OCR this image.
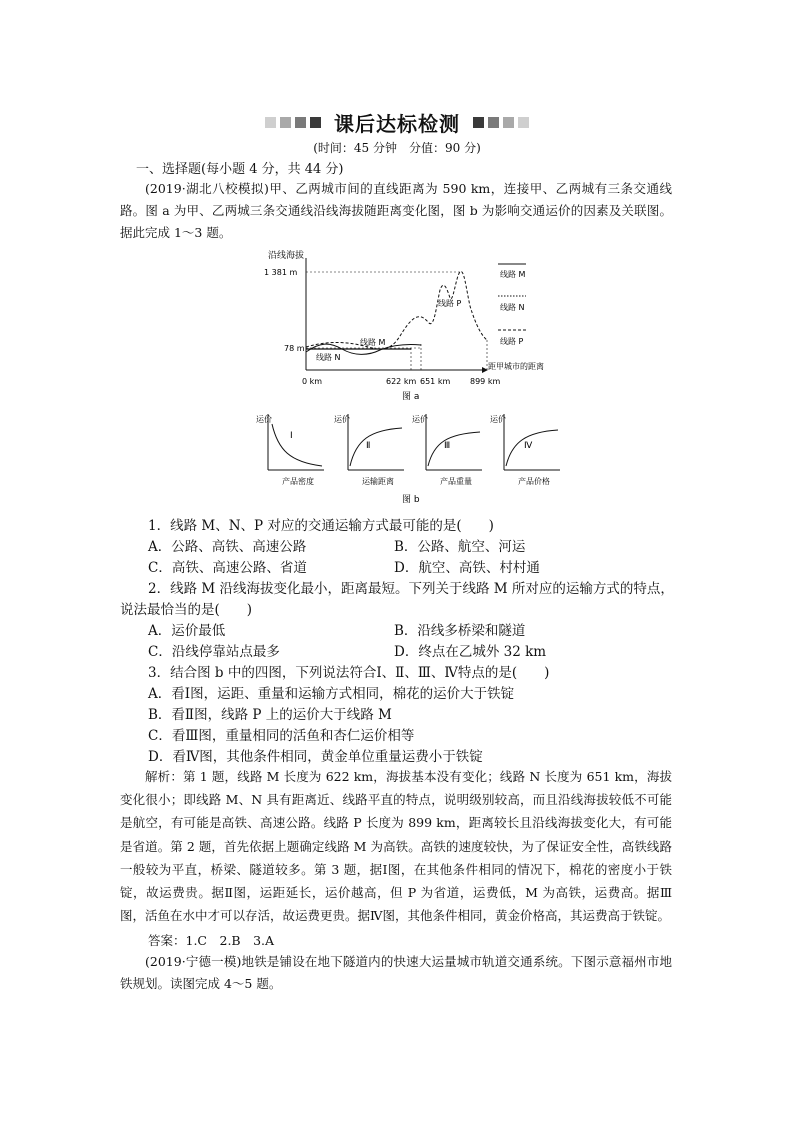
课后达标检测
(时间：45 分钟　分值：90 分)
一、选择题(每小题 4 分，共 44 分)
(2019·湖北八校模拟)甲、乙两城市间的直线距离为 590 km，连接甲、乙两城有三条交通线路。图 a 为甲、乙两城三条交通线沿线海拔随距离变化图，图 b 为影响交通运价的因素及关联图。据此完成 1～3 题。
沿线海拔
1 381 m
78 m
线路 M
线路 N
线路 P
0 km	622 km 651 km 899 km
距甲城市的距离
线路 M
线路 N
线路 P
图 a
运价
Ⅰ
产品密度
运价
Ⅱ
运输距离
运价
Ⅲ
产品重量
运价
Ⅳ
产品价格
图 b
1．线路 M、N、P 对应的交通运输方式最可能的是(　　)
A．公路、高铁、高速公路	B．公路、航空、河运
C．高铁、高速公路、省道	D．航空、高铁、村村通
2．线路 M 沿线海拔变化最小，距离最短。下列关于线路 M 所对应的运输方式的特点，
说法最恰当的是(　　)
A．运价最低	B．沿线多桥梁和隧道
C．沿线停靠站点最多	D．终点在乙城外 32 km
3．结合图 b 中的四图，下列说法符合Ⅰ、Ⅱ、Ⅲ、Ⅳ特点的是(　　)
A．看Ⅰ图，运距、重量和运输方式相同，棉花的运价大于铁锭
B．看Ⅱ图，线路 P 上的运价大于线路 M
C．看Ⅲ图，重量相同的活鱼和杏仁运价相等
D．看Ⅳ图，其他条件相同，黄金单位重量运费小于铁锭
解析：第 1 题，线路 M 长度为 622 km，海拔基本没有变化；线路 N 长度为 651 km，海拔变化很小；即线路 M、N 具有距离近、线路平直的特点，说明级别较高，而且沿线海拔较低不可能是航空，有可能是高铁、高速公路。线路 P 长度为 899 km，距离较长且沿线海拔变化大，有可能是省道。第 2 题，首先依据上题确定线路 M 为高铁。高铁的速度较快，为了保证安全性，高铁线路一般较为平直，桥梁、隧道较多。第 3 题，据Ⅰ图，在其他条件相同的情况下，棉花的密度小于铁锭，故运费贵。据Ⅱ图，运距延长，运价越高，但 P 为省道，运费低，M 为高铁，运费高。据Ⅲ图，活鱼在水中才可以存活，故运费更贵。据Ⅳ图，其他条件相同，黄金价格高，其运费高于铁锭。
答案：1.C　2.B　3.A
(2019·宁德一模)地铁是铺设在地下隧道内的快速大运量城市轨道交通系统。下图示意福州市地铁规划。读图完成 4～5 题。
